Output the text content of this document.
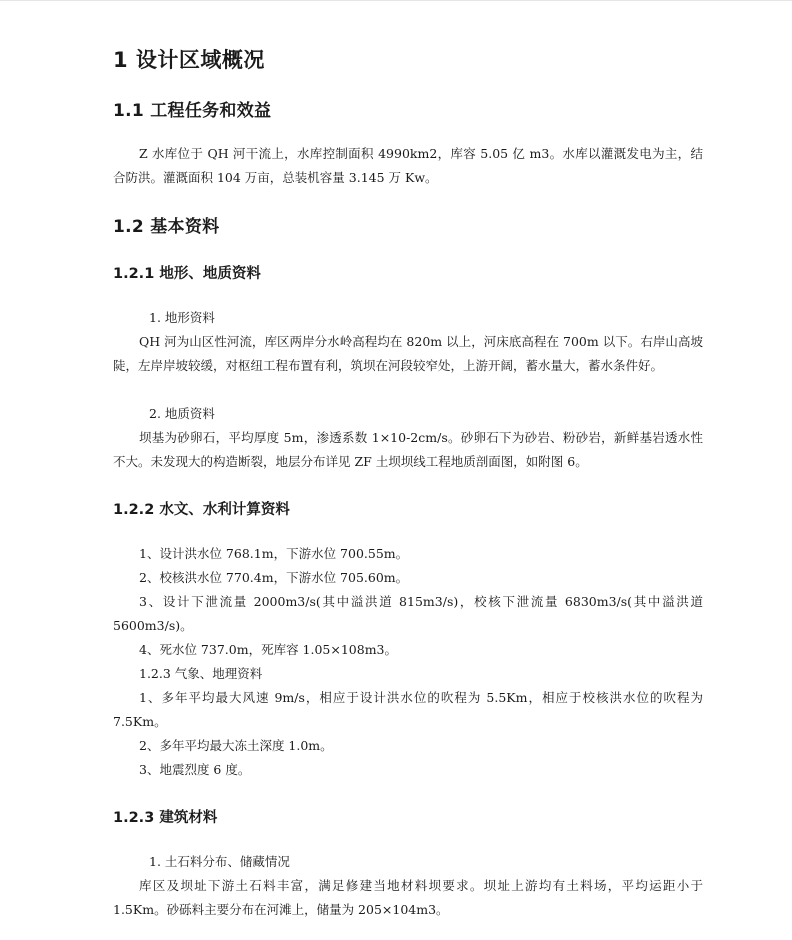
1 设计区域概况
1.1 工程任务和效益

Z 水库位于 QH 河干流上，水库控制面积 4990km2，库容 5.05 亿 m3。水库以灌溉发电为主，结合防洪。灌溉面积 104 万亩，总装机容量 3.145 万 Kw。

1.2 基本资料
1.2.1 地形、地质资料
1. 地形资料

QH 河为山区性河流，库区两岸分水岭高程均在 820m 以上，河床底高程在 700m 以下。右岸山高坡陡，左岸岸坡较缓，对枢纽工程布置有利，筑坝在河段较窄处，上游开阔，蓄水量大，蓄水条件好。

2. 地质资料

坝基为砂卵石，平均厚度 5m，渗透系数 1×10-2cm/s。砂卵石下为砂岩、粉砂岩，新鲜基岩透水性不大。未发现大的构造断裂，地层分布详见 ZF 土坝坝线工程地质剖面图，如附图 6。

1.2.2 水文、水利计算资料
1、设计洪水位 768.1m，下游水位 700.55m。
2、校核洪水位 770.4m，下游水位 705.60m。

3、设计下泄流量 2000m3/s(其中溢洪道 815m3/s)，校核下泄流量 6830m3/s(其中溢洪道 5600m3/s)。

4、死水位 737.0m，死库容 1.05×108m3。
1.2.3 气象、地理资料

1、多年平均最大风速 9m/s，相应于设计洪水位的吹程为 5.5Km，相应于校核洪水位的吹程为 7.5Km。

2、多年平均最大冻土深度 1.0m。
3、地震烈度 6 度。
1.2.3 建筑材料
1. 土石料分布、储藏情况

库区及坝址下游土石料丰富，满足修建当地材料坝要求。坝址上游均有土料场，平均运距小于 1.5Km。砂砾料主要分布在河滩上，储量为 205×104m3。
